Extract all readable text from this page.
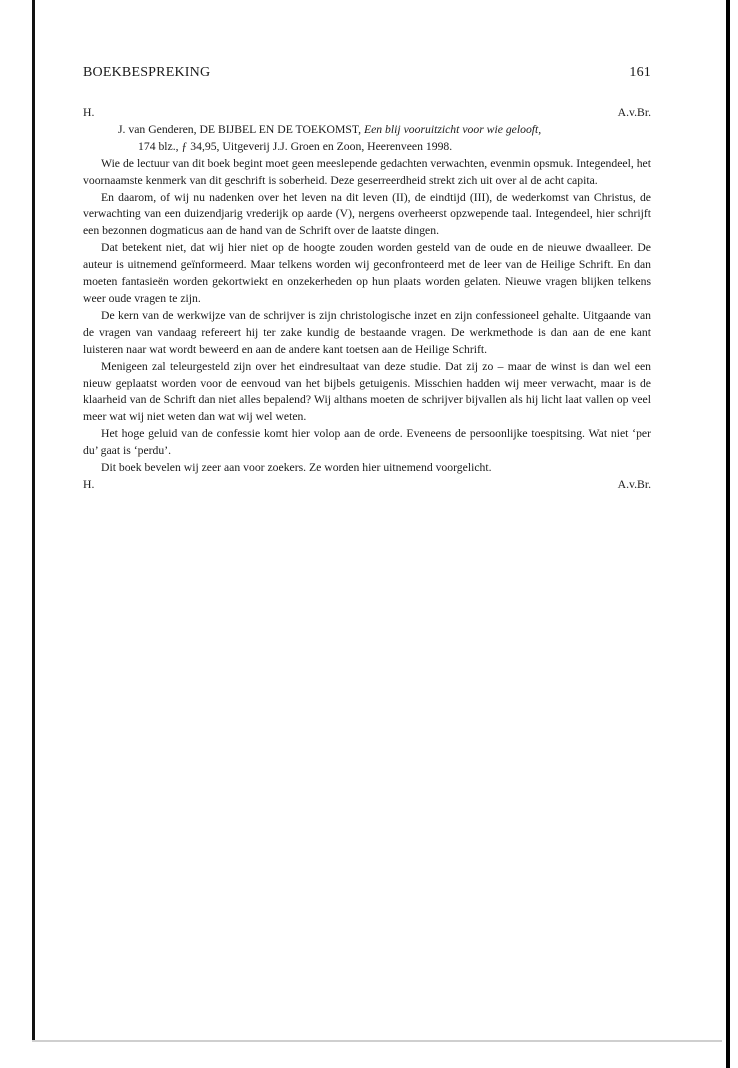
BOEKBESPREKING	161
H.	A.v.Br.
J. van Genderen, DE BIJBEL EN DE TOEKOMST, Een blij vooruitzicht voor wie gelooft,
174 blz., ƒ 34,95, Uitgeverij J.J. Groen en Zoon, Heerenveen 1998.

Wie de lectuur van dit boek begint moet geen meeslepende gedachten verwachten, evenmin opsmuk. Integendeel, het voornaamste kenmerk van dit geschrift is soberheid. Deze geserreerdheid strekt zich uit over al de acht capita.

En daarom, of wij nu nadenken over het leven na dit leven (II), de eindtijd (III), de wederkomst van Christus, de verwachting van een duizendjarig vrederijk op aarde (V), nergens overheerst opzwepende taal. Integendeel, hier schrijft een bezonnen dogmaticus aan de hand van de Schrift over de laatste dingen.

Dat betekent niet, dat wij hier niet op de hoogte zouden worden gesteld van de oude en de nieuwe dwaalleer. De auteur is uitnemend geïnformeerd. Maar telkens worden wij geconfronteerd met de leer van de Heilige Schrift. En dan moeten fantasieën worden gekortwiekt en onzekerheden op hun plaats worden gelaten. Nieuwe vragen blijken telkens weer oude vragen te zijn.

De kern van de werkwijze van de schrijver is zijn christologische inzet en zijn confessioneel gehalte. Uitgaande van de vragen van vandaag refereert hij ter zake kundig de bestaande vragen. De werkmethode is dan aan de ene kant luisteren naar wat wordt beweerd en aan de andere kant toetsen aan de Heilige Schrift.

Menigeen zal teleurgesteld zijn over het eindresultaat van deze studie. Dat zij zo – maar de winst is dan wel een nieuw geplaatst worden voor de eenvoud van het bijbels getuigenis. Misschien hadden wij meer verwacht, maar is de klaarheid van de Schrift dan niet alles bepalend? Wij althans moeten de schrijver bijvallen als hij licht laat vallen op veel meer wat wij niet weten dan wat wij wel weten.

Het hoge geluid van de confessie komt hier volop aan de orde. Eveneens de persoonlijke toespitsing. Wat niet ‘per du’ gaat is ‘perdu’.

Dit boek bevelen wij zeer aan voor zoekers. Ze worden hier uitnemend voorgelicht.

H.	A.v.Br.
